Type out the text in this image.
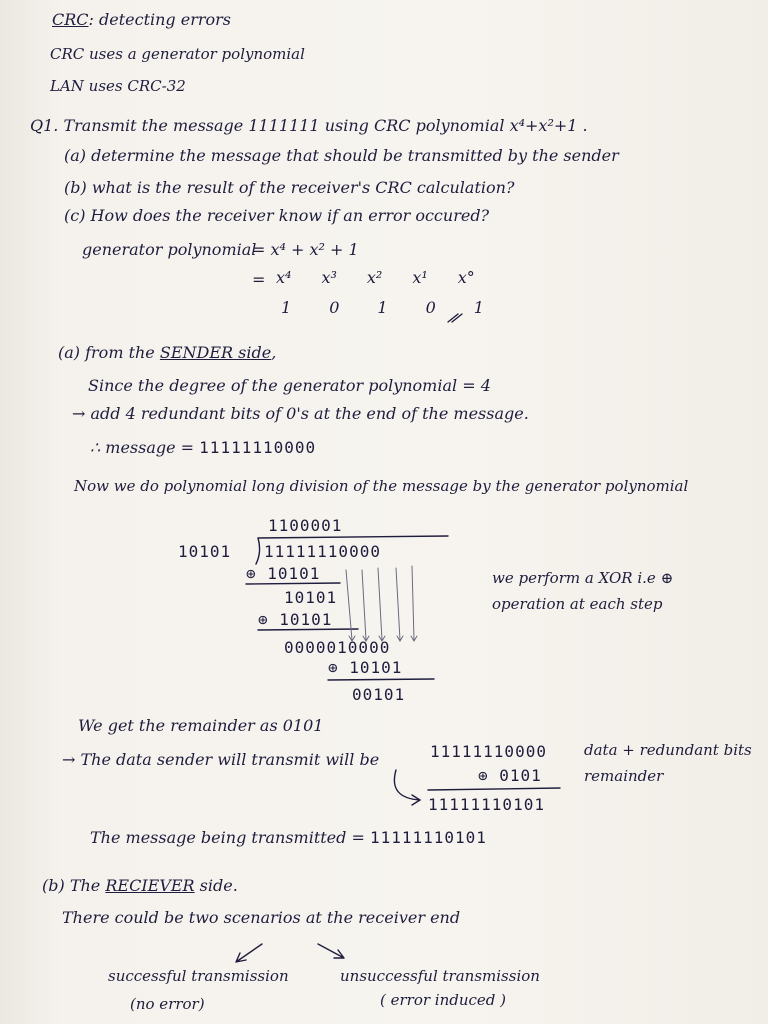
CRC: detecting errors
CRC uses a generator polynomial
LAN uses CRC-32
Q1. Transmit the message 1111111 using CRC polynomial x⁴+x²+1 .
(a) determine the message that should be transmitted by the sender
(b) what is the result of the receiver's CRC calculation?
(c) How does the receiver know if an error occured?
generator polynomial
= x⁴ + x² + 1
= x⁴ x³ x² x¹ x°
1 0 1 0 1
(a) from the SENDER side,
Since the degree of the generator polynomial = 4
→ add 4 redundant bits of 0's at the end of the message.
∴ message = 11111110000
Now we do polynomial long division of the message by the generator polynomial
1100001
10101 11111110000
⊕ 10101
10101
⊕ 10101
0000010000
⊕ 10101
00101
we perform a XOR i.e ⊕
operation at each step
We get the remainder as 0101
→ The data sender will transmit will be	11111110000
⊕ 0101
11111110101
data + redundant bits
remainder
The message being transmitted = 11111110101
(b) The RECIEVER side.
There could be two scenarios at the receiver end
successful transmission
(no error)
unsuccessful transmission
( error induced )
